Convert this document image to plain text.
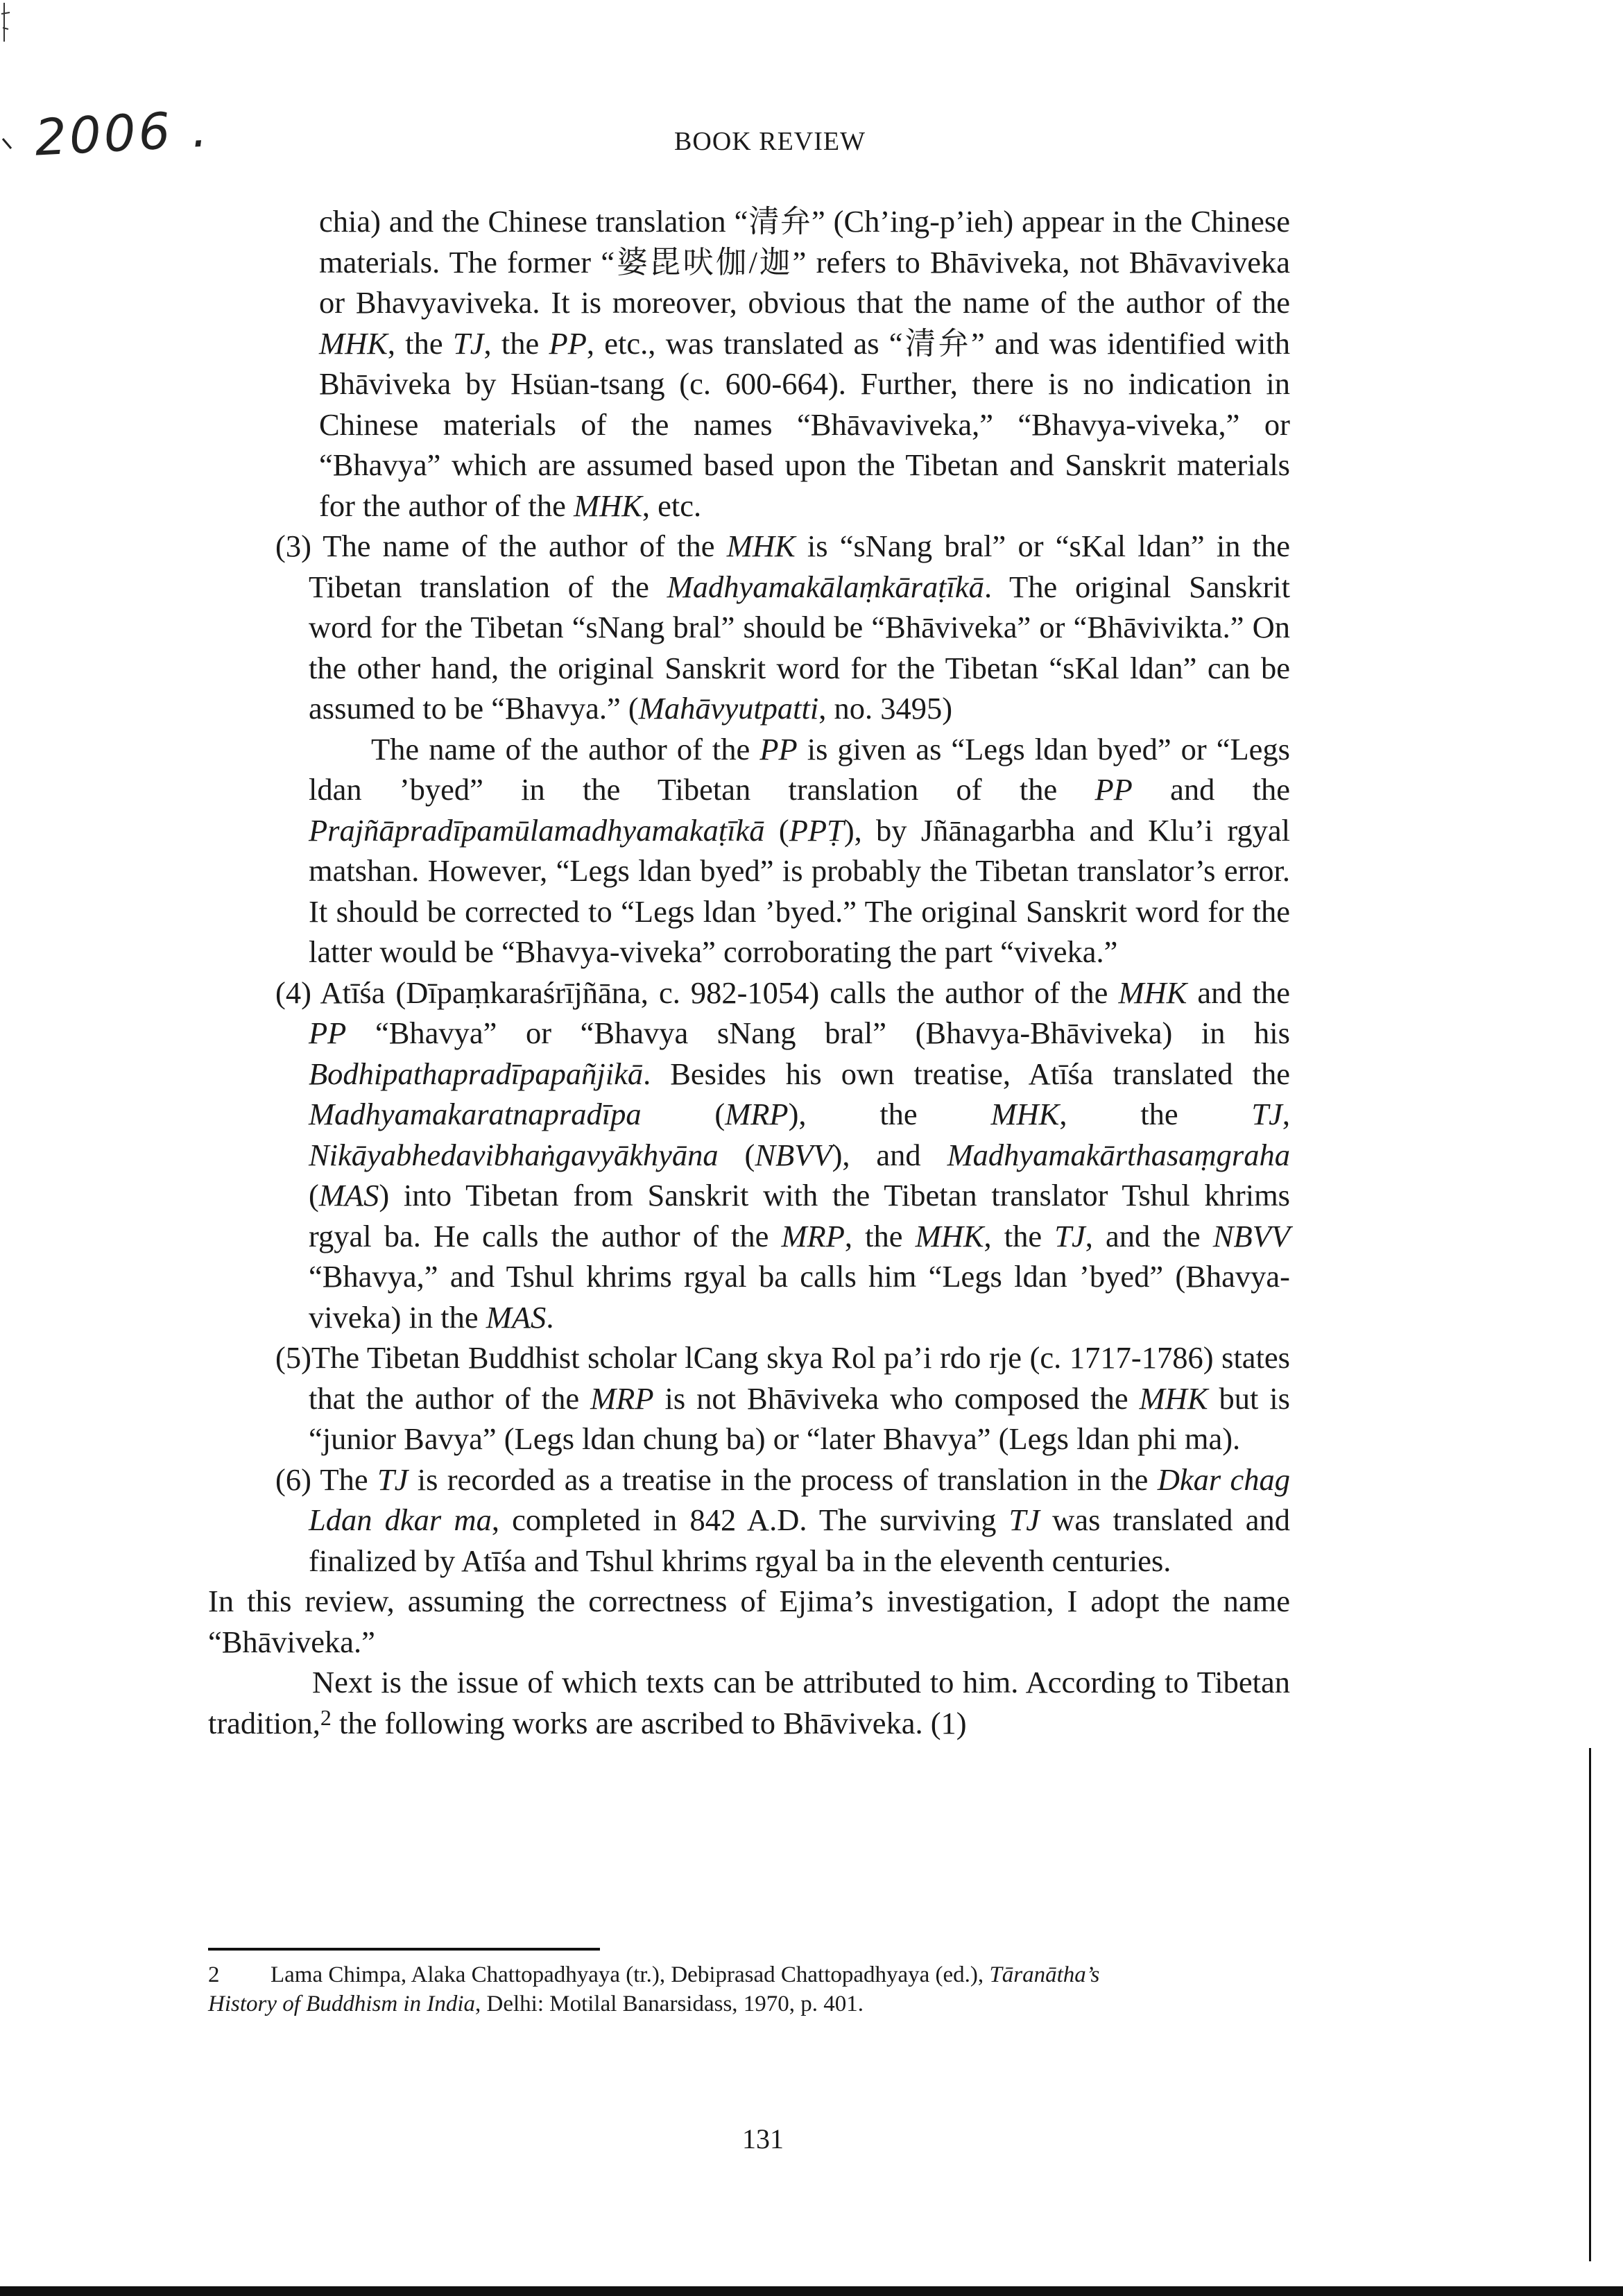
2006 .	BOOK REVIEW

chia) and the Chinese translation “清弁” (Ch’ing-p’ieh) appear in the Chinese materials. The former “婆毘吠伽/迦” refers to Bhāviveka, not Bhāvaviveka or Bhavyaviveka. It is moreover, obvious that the name of the author of the MHK, the TJ, the PP, etc., was translated as “清弁” and was identified with Bhāviveka by Hsüan-tsang (c. 600-664). Further, there is no indication in Chinese materials of the names “Bhāvaviveka,” “Bhavya-viveka,” or “Bhavya” which are assumed based upon the Tibetan and Sanskrit materials for the author of the MHK, etc.

(3) The name of the author of the MHK is “sNang bral” or “sKal ldan” in the Tibetan translation of the Madhyamakālaṃkāraṭīkā. The original Sanskrit word for the Tibetan “sNang bral” should be “Bhāviveka” or “Bhāvivikta.” On the other hand, the original Sanskrit word for the Tibetan “sKal ldan” can be assumed to be “Bhavya.” (Mahāvyutpatti, no. 3495)

The name of the author of the PP is given as “Legs ldan byed” or “Legs ldan ’byed” in the Tibetan translation of the PP and the Prajñāpradīpamūlamadhyamakaṭīkā (PPṬ), by Jñānagarbha and Klu’i rgyal matshan. However, “Legs ldan byed” is probably the Tibetan translator’s error. It should be corrected to “Legs ldan ’byed.” The original Sanskrit word for the latter would be “Bhavya-viveka” corroborating the part “viveka.”

(4) Atīśa (Dīpaṃkaraśrījñāna, c. 982-1054) calls the author of the MHK and the PP “Bhavya” or “Bhavya sNang bral” (Bhavya-Bhāviveka) in his Bodhipathapradīpapañjikā. Besides his own treatise, Atīśa translated the Madhyamakaratnapradīpa (MRP), the MHK, the TJ, Nikāyabhedavibhaṅgavyākhyāna (NBVV), and Madhyamakārthasaṃgraha (MAS) into Tibetan from Sanskrit with the Tibetan translator Tshul khrims rgyal ba. He calls the author of the MRP, the MHK, the TJ, and the NBVV “Bhavya,” and Tshul khrims rgyal ba calls him “Legs ldan ’byed” (Bhavya-viveka) in the MAS.

(5)The Tibetan Buddhist scholar lCang skya Rol pa’i rdo rje (c. 1717-1786) states that the author of the MRP is not Bhāviveka who composed the MHK but is “junior Bavya” (Legs ldan chung ba) or “later Bhavya” (Legs ldan phi ma).

(6) The TJ is recorded as a treatise in the process of translation in the Dkar chag Ldan dkar ma, completed in 842 A.D. The surviving TJ was translated and finalized by Atīśa and Tshul khrims rgyal ba in the eleventh centuries.

In this review, assuming the correctness of Ejima’s investigation, I adopt the name “Bhāviveka.”

Next is the issue of which texts can be attributed to him. According to Tibetan tradition,$^2$ the following works are ascribed to Bhāviveka. (1)

2	Lama Chimpa, Alaka Chattopadhyaya (tr.), Debiprasad Chattopadhyaya (ed.), Tāranātha’s
History of Buddhism in India, Delhi: Motilal Banarsidass, 1970, p. 401.
131
